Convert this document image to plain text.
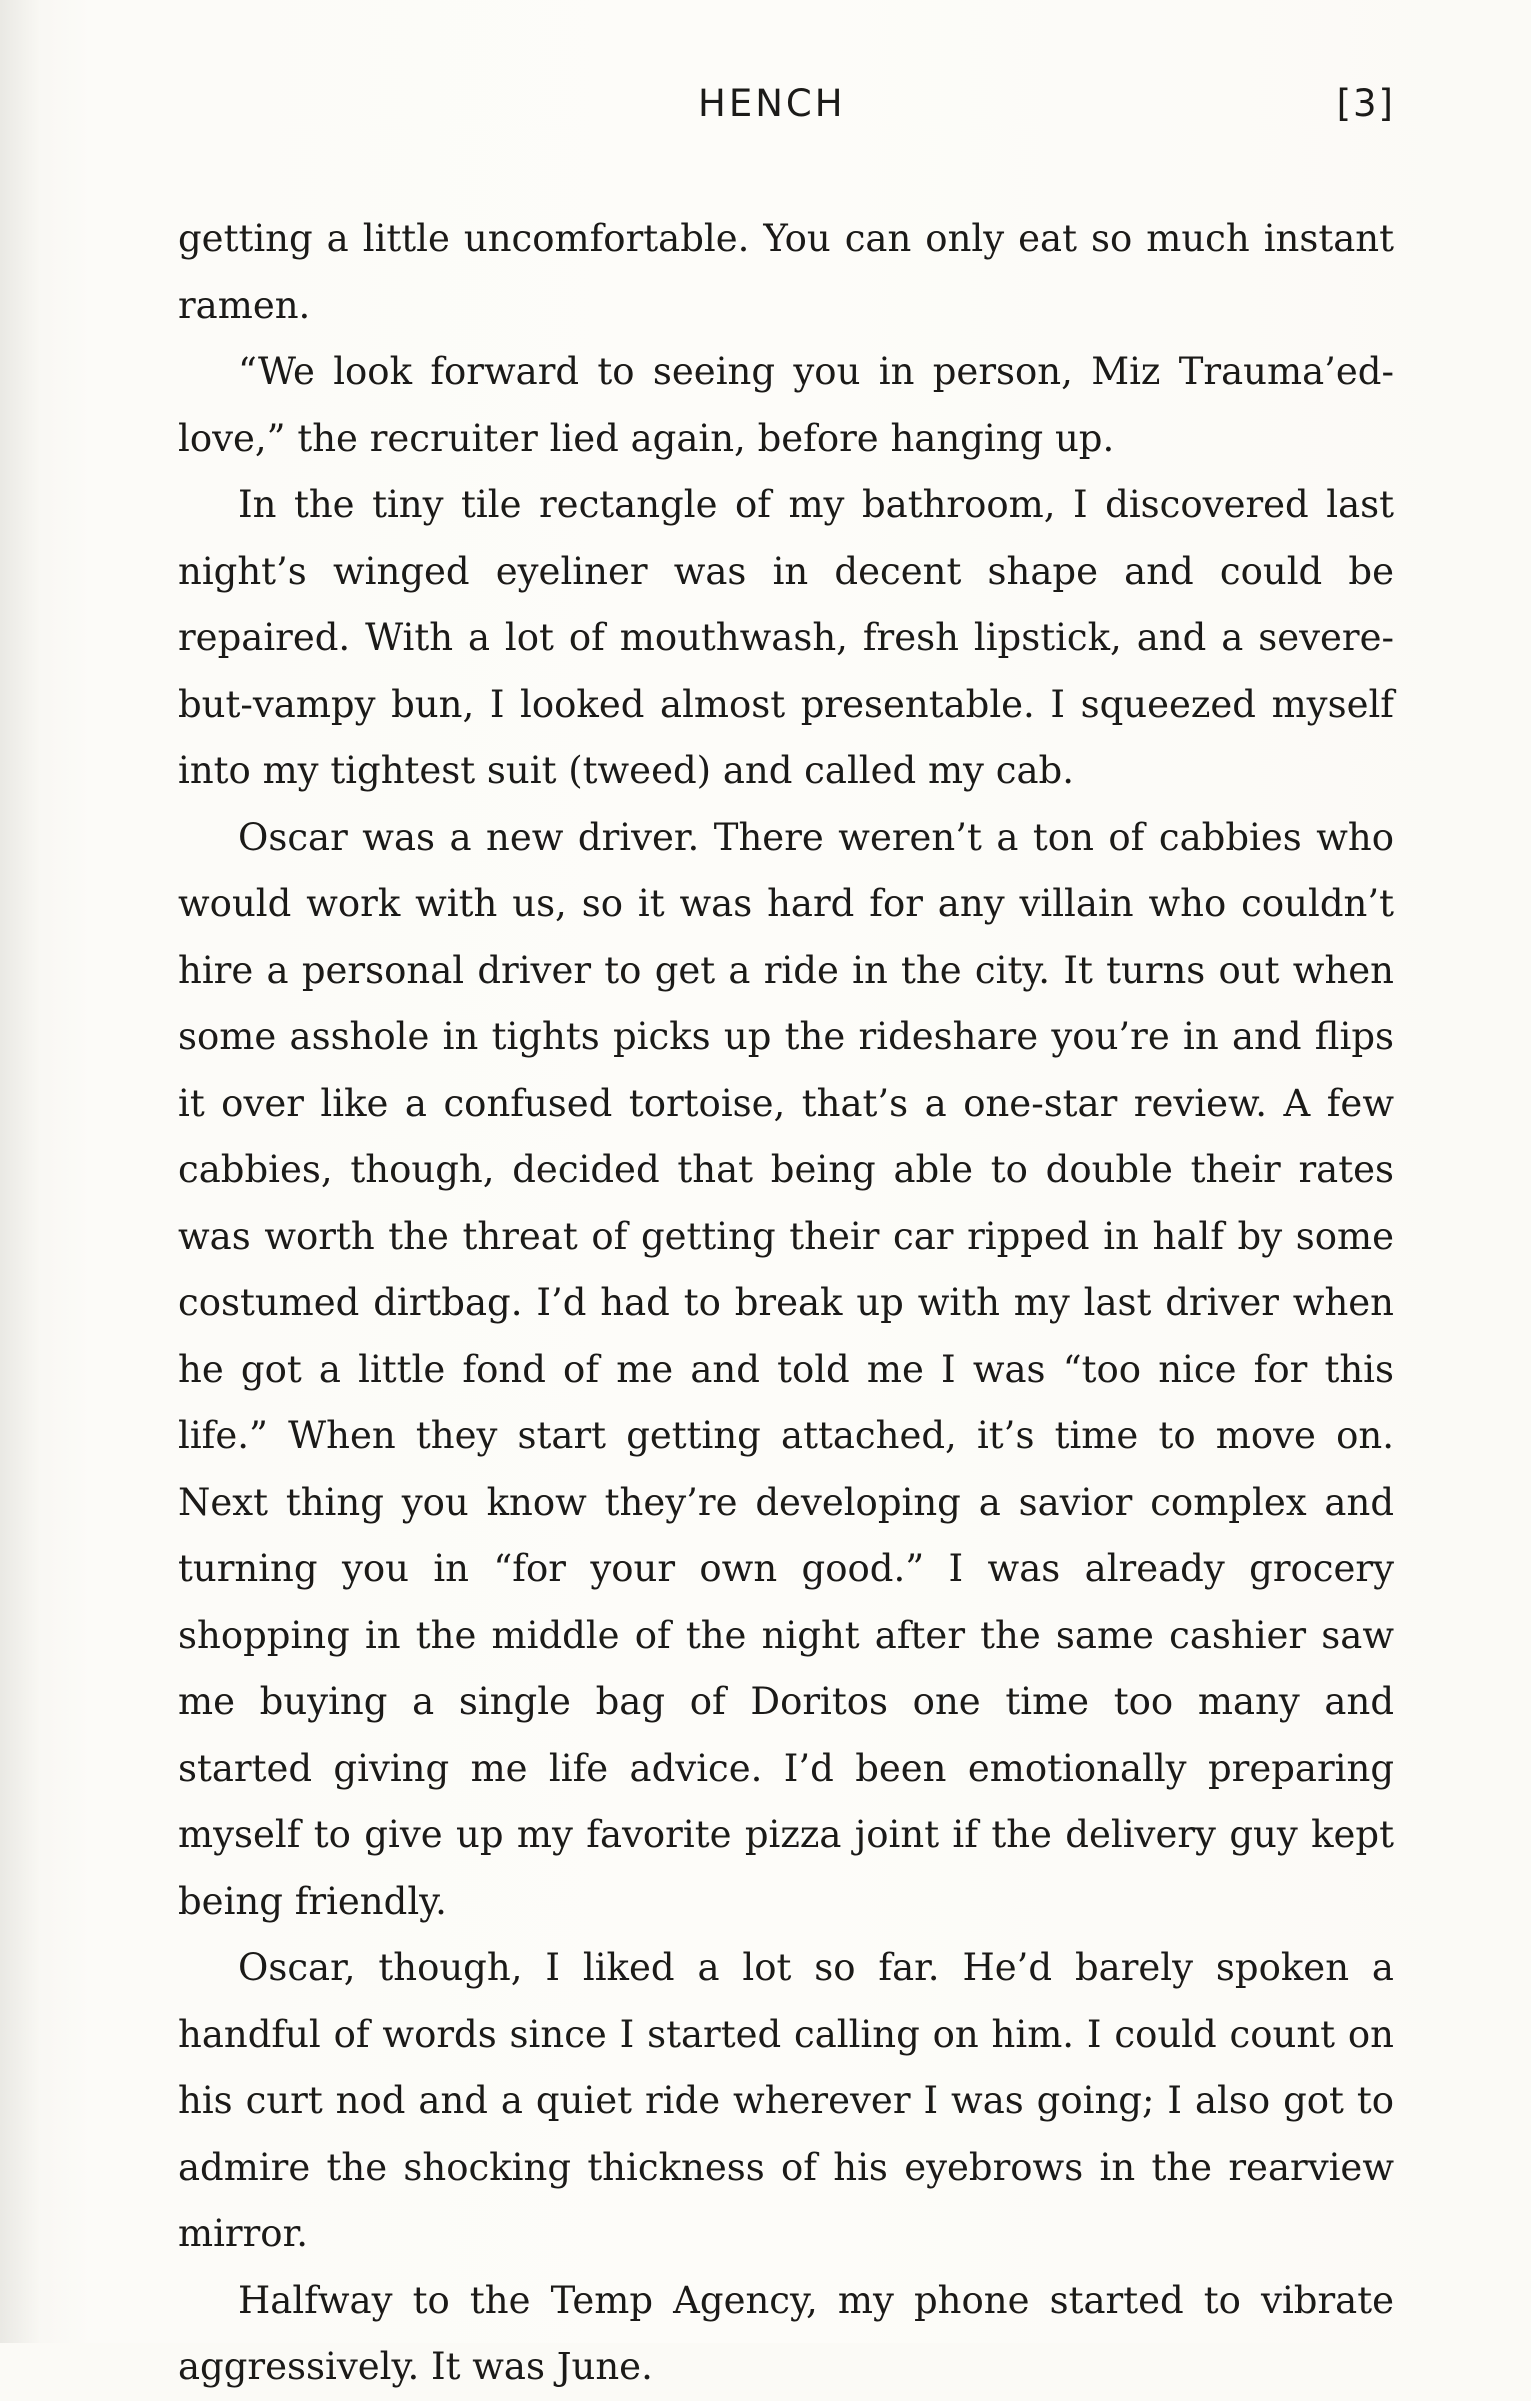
HENCH	[3]

getting a little uncomfortable. You can only eat so much instant ramen.

“We look forward to seeing you in person, Miz Trauma’ed-love,” the recruiter lied again, before hanging up.

In the tiny tile rectangle of my bathroom, I discovered last night’s winged eyeliner was in decent shape and could be repaired. With a lot of mouthwash, fresh lipstick, and a severe-but-vampy bun, I looked almost presentable. I squeezed myself into my tightest suit (tweed) and called my cab.

Oscar was a new driver. There weren’t a ton of cabbies who would work with us, so it was hard for any villain who couldn’t hire a personal driver to get a ride in the city. It turns out when some asshole in tights picks up the rideshare you’re in and flips it over like a confused tortoise, that’s a one-star review. A few cabbies, though, decided that being able to double their rates was worth the threat of getting their car ripped in half by some costumed dirtbag. I’d had to break up with my last driver when he got a little fond of me and told me I was “too nice for this life.” When they start getting attached, it’s time to move on. Next thing you know they’re developing a savior complex and turning you in “for your own good.” I was already grocery shopping in the middle of the night after the same cashier saw me buying a single bag of Doritos one time too many and started giving me life advice. I’d been emotionally preparing myself to give up my favorite pizza joint if the delivery guy kept being friendly.

Oscar, though, I liked a lot so far. He’d barely spoken a handful of words since I started calling on him. I could count on his curt nod and a quiet ride wherever I was going; I also got to admire the shocking thickness of his eyebrows in the rearview mirror.

Halfway to the Temp Agency, my phone started to vibrate aggressively. It was June.
